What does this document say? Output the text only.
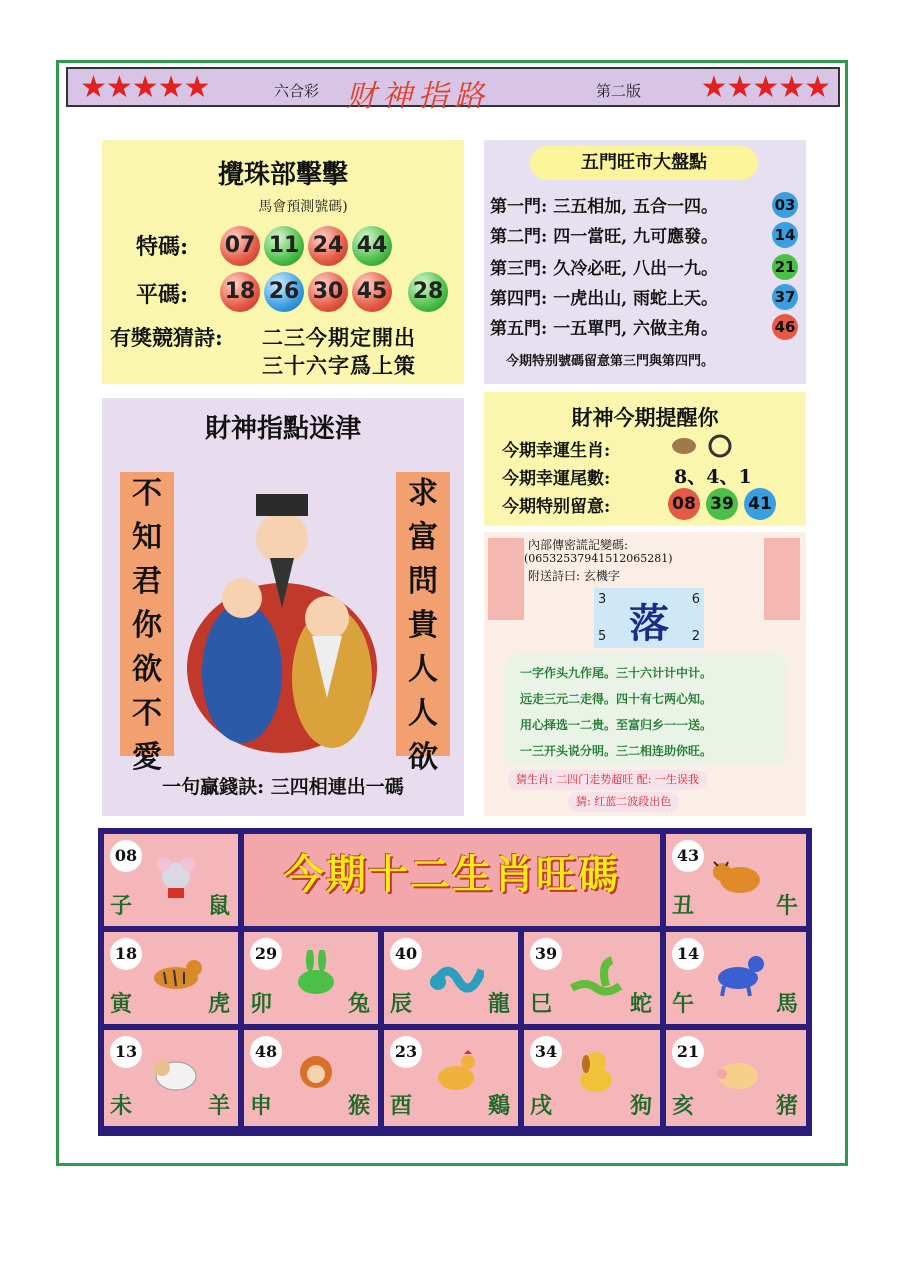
★★★★★	六合彩 财神指路	第二版 ★★★★★
攪珠部擊擊
馬會預測號碼)
特碼: 07 11 24 44
平碼: 18 26 30 45 28
有獎競猜詩: 二三今期定開出
三十六字爲上策
五門旺市大盤點
第一門: 三五相加, 五合一四。	03
第二門: 四一當旺, 九可應發。	14
第三門: 久冷必旺, 八出一九。	21
第四門: 一虎出山, 雨蛇上天。	37
第五門: 一五單門, 六做主角。	46
今期特别號碼留意第三門與第四門。
財神指點迷津
不
知
君
你
欲
不
愛
求
富
問
貴
人
人
欲
一句贏錢訣: 三四相連出一碼
財神今期提醒你
今期幸運生肖:
今期幸運尾數:	8、4、1
今期特别留意:	08 39 41
內部傳密謊記變碼:
(06532537941512065281)
附送詩曰: 玄機字
落
3	6
5	2
一字作头九作尾。三十六计计中计。
远走三元二走得。四十有七两心知。
用心择选一二贵。至富归乡一一送。
一三开头说分明。三二相连助你旺。
猜生肖: 二四门走势超旺 配: 一生误我
猜: 红蓝二波段出色
08
子	鼠
今期十二生肖旺碼	43
丑	牛
18
寅	虎
29
卯	兔
40
辰	龍
39
巳	蛇
14
午	馬
13
未	羊
48
申	猴
23
酉	鷄
34
戌	狗
21
亥	猪
